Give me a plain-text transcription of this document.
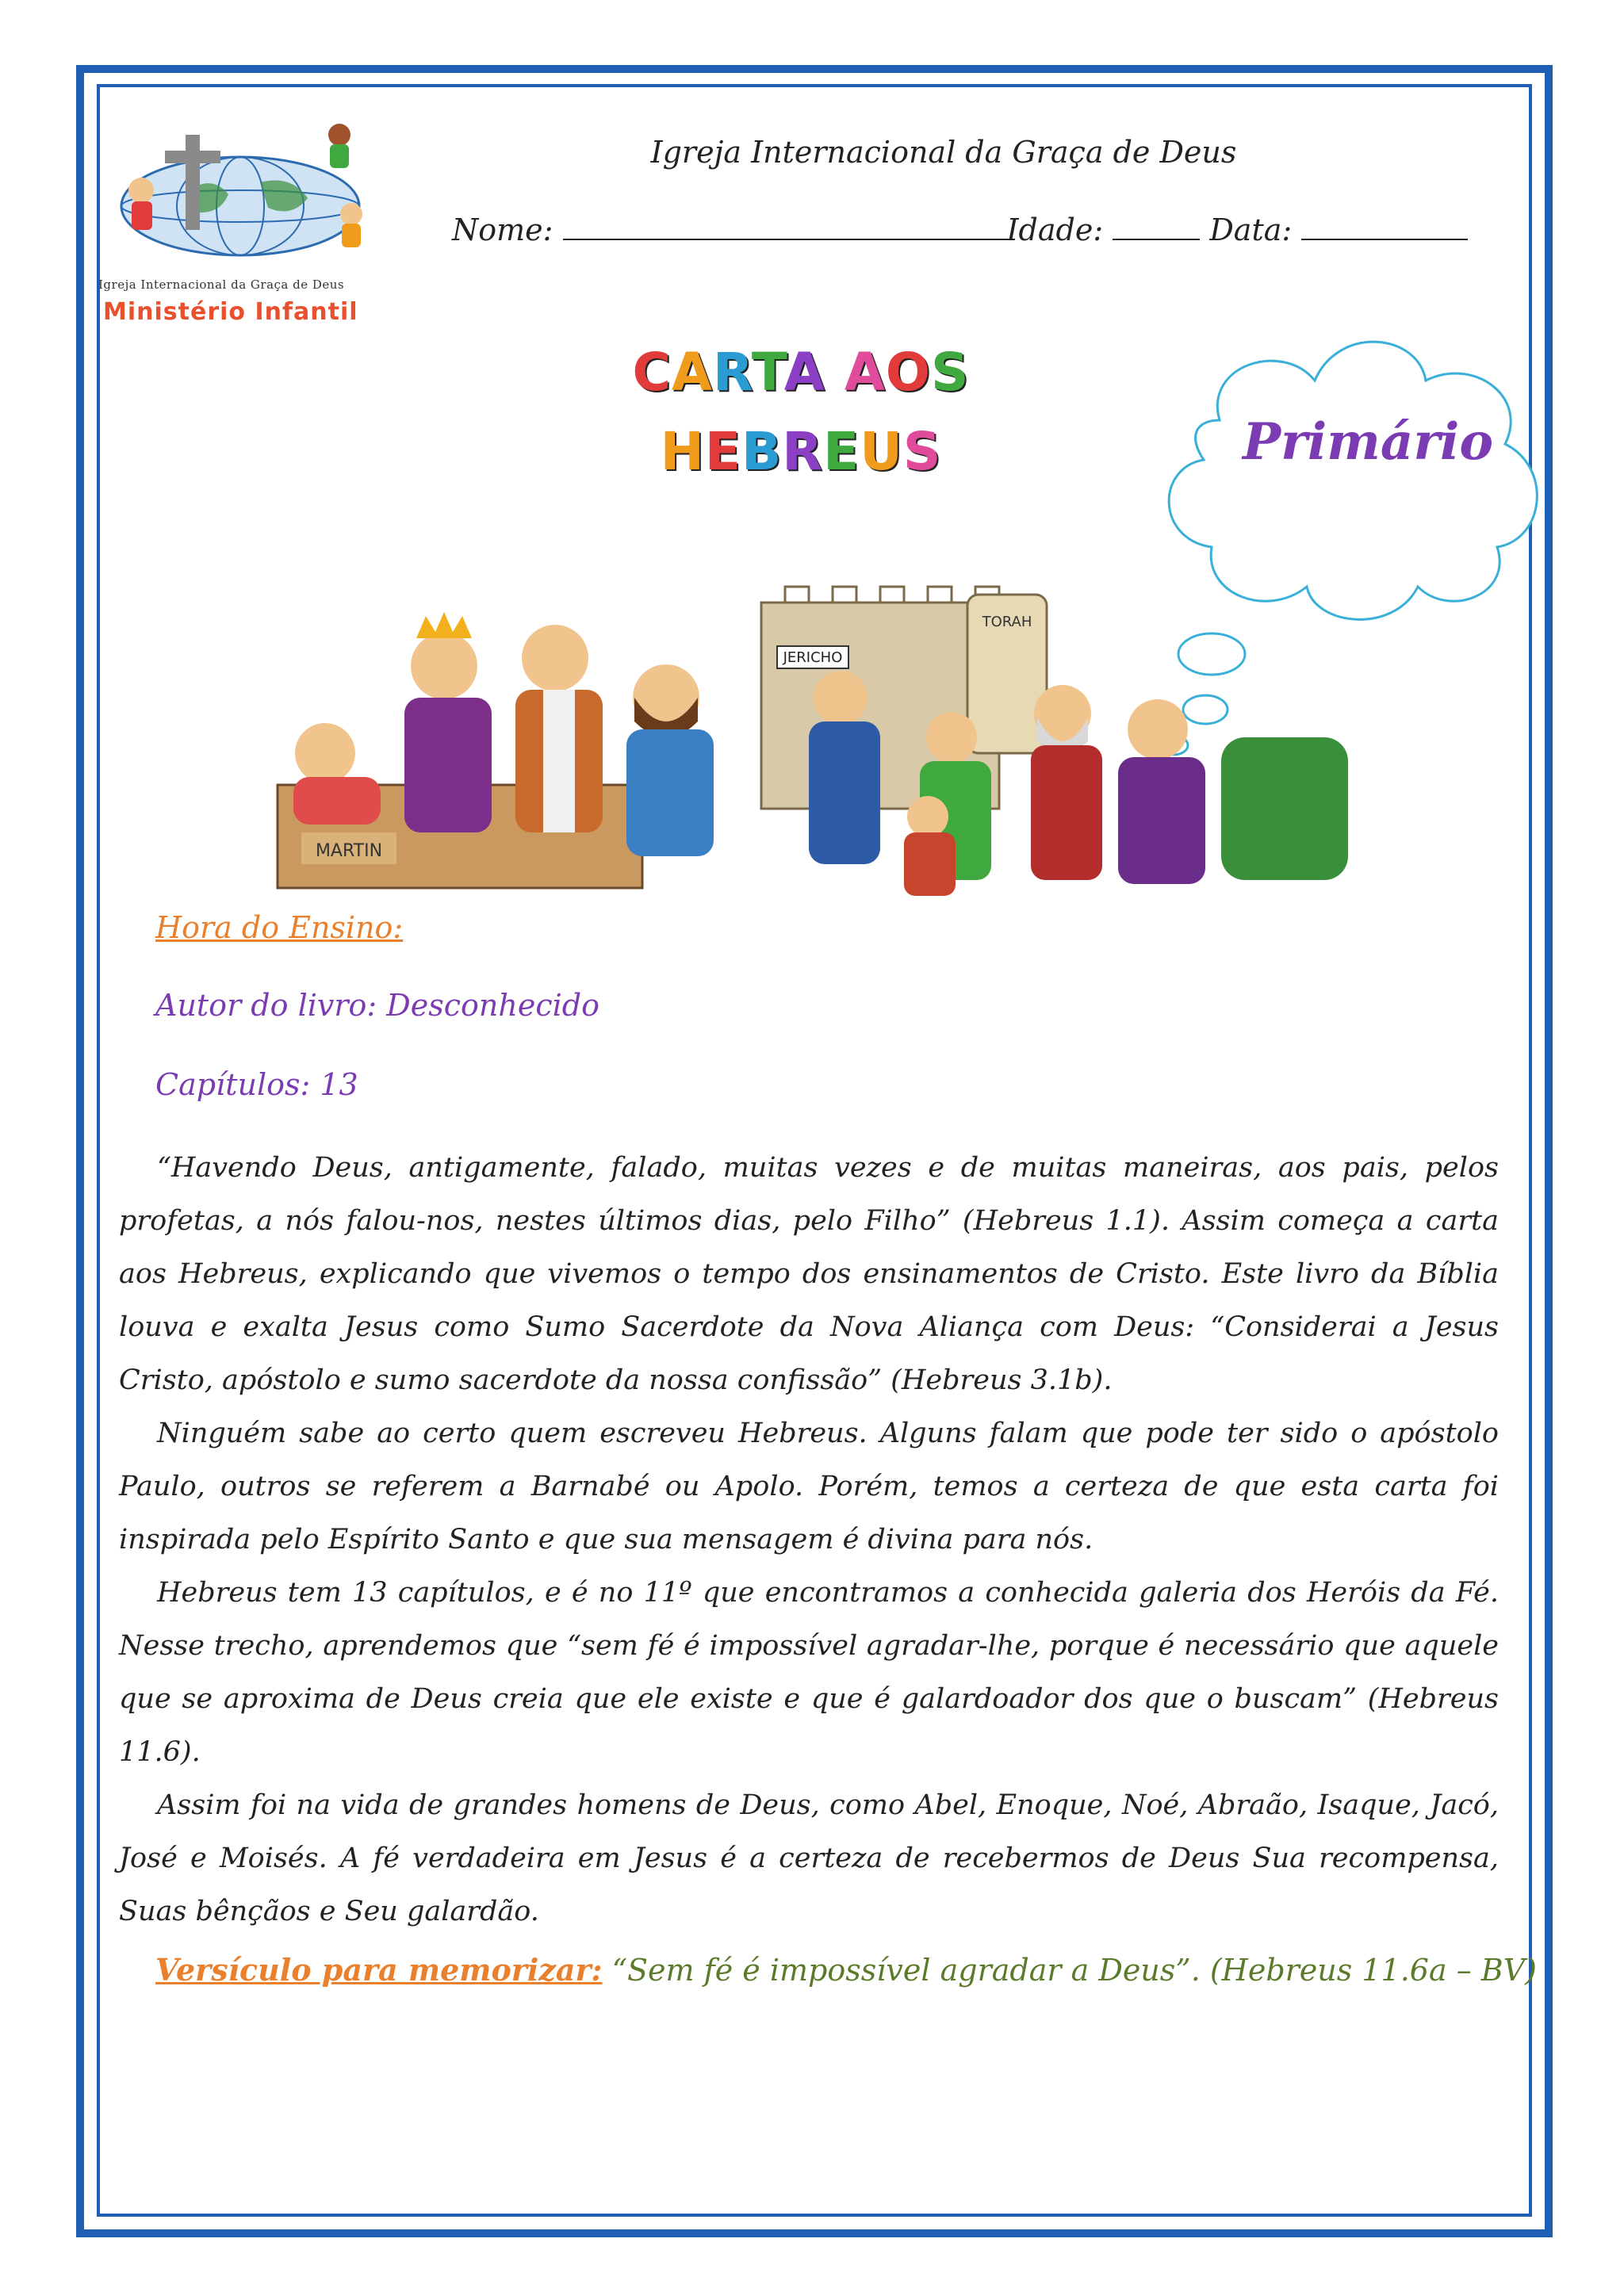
Igreja Internacional da Graça de Deus
Ministério Infantil
Igreja Internacional da Graça de Deus
Nome:	Idade:	Data:
CARTA AOS
HEBREUS	Primário
JERICHO
TORAH
MARTIN
Hora do Ensino:
Autor do livro: Desconhecido
Capítulos: 13

“Havendo Deus, antigamente, falado, muitas vezes e de muitas maneiras, aos pais, pelos profetas, a nós falou-nos, nestes últimos dias, pelo Filho” (Hebreus 1.1). Assim começa a carta aos Hebreus, explicando que vivemos o tempo dos ensinamentos de Cristo. Este livro da Bíblia louva e exalta Jesus como Sumo Sacerdote da Nova Aliança com Deus: “Considerai a Jesus Cristo, apóstolo e sumo sacerdote da nossa confissão” (Hebreus 3.1b).

Ninguém sabe ao certo quem escreveu Hebreus. Alguns falam que pode ter sido o apóstolo Paulo, outros se referem a Barnabé ou Apolo. Porém, temos a certeza de que esta carta foi inspirada pelo Espírito Santo e que sua mensagem é divina para nós.

Hebreus tem 13 capítulos, e é no 11º que encontramos a conhecida galeria dos Heróis da Fé. Nesse trecho, aprendemos que “sem fé é impossível agradar-lhe, porque é necessário que aquele que se aproxima de Deus creia que ele existe e que é galardoador dos que o buscam” (Hebreus 11.6).

Assim foi na vida de grandes homens de Deus, como Abel, Enoque, Noé, Abraão, Isaque, Jacó, José e Moisés. A fé verdadeira em Jesus é a certeza de recebermos de Deus Sua recompensa, Suas bênçãos e Seu galardão.

Versículo para memorizar: “Sem fé é impossível agradar a Deus”. (Hebreus 11.6a – BV)
